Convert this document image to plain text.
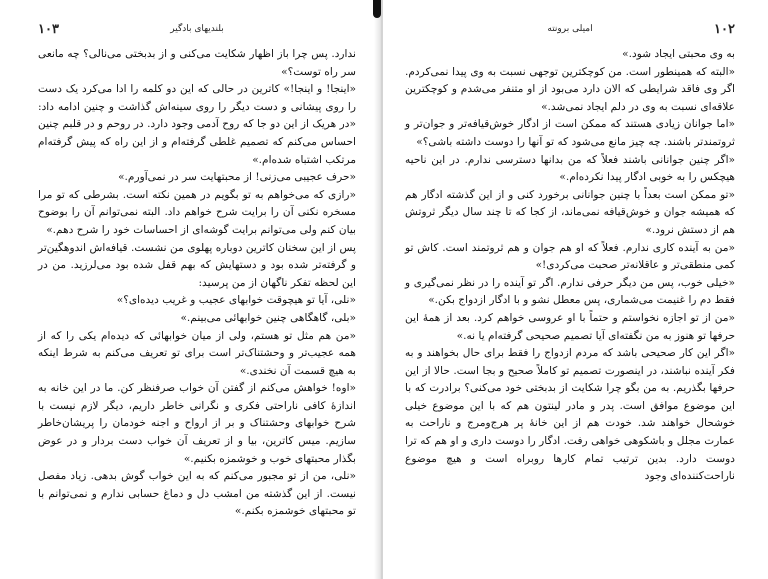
۱۰۳	بلندیهای بادگیر

ندارد. پس چرا باز اظهار شکایت می‌کنی و از بدبختی می‌نالی؟ چه مانعی سر راه توست؟»

«اینجا! و اینجا!» کاترین در حالی که این دو کلمه را ادا می‌کرد یک دست را روی پیشانی و دست دیگر را روی سینه‌اش گذاشت و چنین ادامه داد: «در هریک از این دو جا که روح آدمی وجود دارد. در روحم و در قلبم چنین احساس می‌کنم که تصمیم غلطی گرفته‌ام و از این راه که پیش گرفته‌ام مرتکب اشتباه شده‌ام.»

«حرف عجیبی می‌زنی! از محبتهایت سر در نمی‌آورم.»

«رازی که می‌خواهم به تو بگویم در همین نکته است. بشرطی که تو مرا مسخره نکنی آن را برایت شرح خواهم داد. البته نمی‌توانم آن را بوضوح بیان کنم ولی می‌توانم برایت گوشه‌ای از احساسات خود را شرح دهم.»

پس از این سخنان کاترین دوباره پهلوی من نشست. قیافه‌اش اندوهگین‌تر و گرفته‌تر شده بود و دستهایش که بهم قفل شده بود می‌لرزید. من در این لحظه تفکر ناگهان از من پرسید:

«نلی، آیا تو هیچوقت خوابهای عجیب و غریب دیده‌ای؟»

«بلی، گاهگاهی چنین خوابهائی می‌بینم.»

«من هم مثل تو هستم، ولی از میان خوابهائی که دیده‌ام یکی را که از همه عجیب‌تر و وحشتناک‌تر است برای تو تعریف می‌کنم به شرط اینکه به هیچ قسمت آن نخندی.»

«اوه! خواهش می‌کنم از گفتن آن خواب صرفنظر کن. ما در این خانه به اندازهٔ کافی ناراحتی فکری و نگرانی خاطر داریم، دیگر لازم نیست با شرح خوابهای وحشتناک و بر از ارواح و اجنه خودمان را پریشان‌خاطر سازیم. میس کاترین، بیا و از تعریف آن خواب دست بردار و در عوض بگذار محبتهای خوب و خوشمزه بکنیم.»

«نلی، من از تو مجبور می‌کنم که به این خواب گوش بدهی. زیاد مفصل نیست. از این گذشته من امشب دل و دماغ حسابی ندارم و نمی‌توانم با تو محبتهای خوشمزه بکنم.»

امیلی برونته	۱۰۲

به وی محبتی ایجاد شود.»

«البته که همینطور است. من کوچکترین توجهی نسبت به وی پیدا نمی‌کردم. اگر وی فاقد شرایطی که الان دارد می‌بود از او متنفر می‌شدم و کوچکترین علاقه‌ای نسبت به وی در دلم ایجاد نمی‌شد.»

«اما جوانان زیادی هستند که ممکن است از ادگار خوش‌قیافه‌تر و جوان‌تر و ثروتمندتر باشند. چه چیز مانع می‌شود که تو آنها را دوست داشته باشی؟»

«اگر چنین جوانانی باشند فعلاً که من بدانها دسترسی ندارم. در این ناحیه هیچکس را به خوبی ادگار پیدا نکرده‌ام.»

«تو ممکن است بعداً با چنین جوانانی برخورد کنی و از این گذشته ادگار هم که همیشه جوان و خوش‌قیافه نمی‌ماند، از کجا که تا چند سال دیگر ثروتش هم از دستش نرود.»

«من به آینده کاری ندارم. فعلاً که او هم جوان و هم ثروتمند است. کاش تو کمی منطقی‌تر و عاقلانه‌تر صحبت می‌کردی!»

«خیلی خوب، پس من دیگر حرفی ندارم. اگر تو آینده را در نظر نمی‌گیری و فقط دم را غنیمت می‌شماری، پس معطل نشو و با ادگار ازدواج بکن.»

«من از تو اجازه نخواستم و حتماً با او عروسی خواهم کرد. بعد از همهٔ این حرفها تو هنوز به من نگفته‌ای آیا تصمیم صحیحی گرفته‌ام یا نه.»

«اگر این کار صحیحی باشد که مردم ازدواج را فقط برای حال بخواهند و به فکر آینده نباشند، در اینصورت تصمیم تو کاملاً صحیح و بجا است. حالا از این حرفها بگذریم. به من بگو چرا شکایت از بدبختی خود می‌کنی؟ برادرت که با این موضوع موافق است. پدر و مادر لینتون هم که با این موضوع خیلی خوشحال خواهند شد. خودت هم از این خانهٔ پر هرج‌ومرج و ناراحت به عمارت مجلل و باشکوهی خواهی رفت. ادگار را دوست داری و او هم که ترا دوست دارد. بدین ترتیب تمام کارها روبراه است و هیچ موضوع ناراحت‌کننده‌ای وجود
